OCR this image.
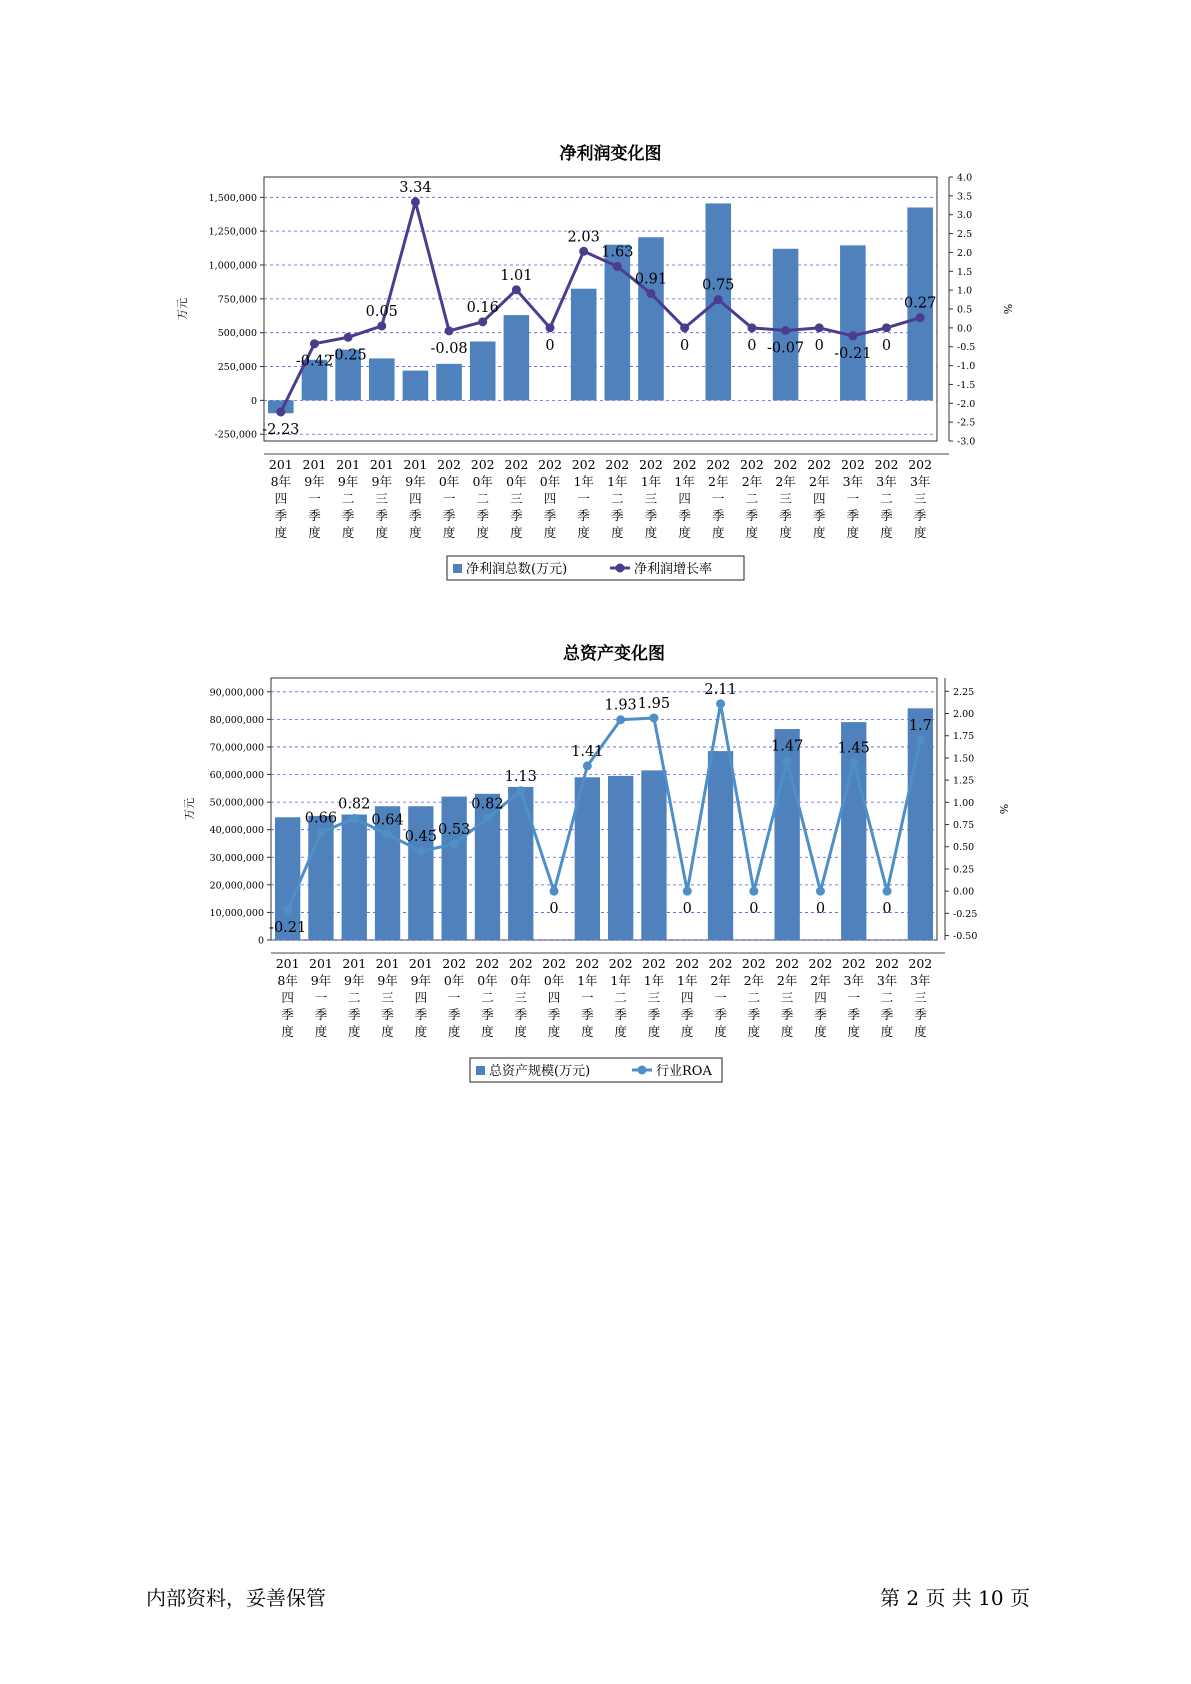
净利润变化图
-250,000
0
250,000
500,000
750,000
1,000,000
1,250,000
1,500,000
-3.0
-2.5
-2.0
-1.5
-1.0
-0.5
0.0
0.5
1.0
1.5
2.0
2.5
3.0
3.5
4.0
万元	%
-2.23
-0.42
-0.25
0.05
3.34
-0.08
0.16
1.01
0
2.03
1.63
0.91
0
0.75
0 -0.07 0 -0.21 0
0.27
201
8年
四
季
度
201
9年
一
季
度
201
9年
二
季
度
201
9年
三
季
度
201
9年
四
季
度
202
0年
一
季
度
202
0年
二
季
度
202
0年
三
季
度
202
0年
四
季
度
202
1年
一
季
度
202
1年
二
季
度
202
1年
三
季
度
202
1年
四
季
度
202
2年
一
季
度
202
2年
二
季
度
202
2年
三
季
度
202
2年
四
季
度
202
3年
一
季
度
202
3年
二
季
度
202
3年
三
季
度
净利润总数(万元)	净利润增长率
总资产变化图
0
10,000,000
20,000,000
30,000,000
40,000,000
50,000,000
60,000,000
70,000,000
80,000,000
90,000,000
-0.50
-0.25
0.00
0.25
0.50
0.75
1.00
1.25
1.50
1.75
2.00
2.25
万元	%
-0.21
0.66
0.82
0.64
0.45 0.53
0.82
1.13
0
1.41
1.93 1.95
0
2.11
0
1.47
0
1.45
0
1.7
201
8年
四
季
度
201
9年
一
季
度
201
9年
二
季
度
201
9年
三
季
度
201
9年
四
季
度
202
0年
一
季
度
202
0年
二
季
度
202
0年
三
季
度
202
0年
四
季
度
202
1年
一
季
度
202
1年
二
季
度
202
1年
三
季
度
202
1年
四
季
度
202
2年
一
季
度
202
2年
二
季
度
202
2年
三
季
度
202
2年
四
季
度
202
3年
一
季
度
202
3年
二
季
度
202
3年
三
季
度
总资产规模(万元)	行业ROA
内部资料，妥善保管	第 2 页 共 10 页
